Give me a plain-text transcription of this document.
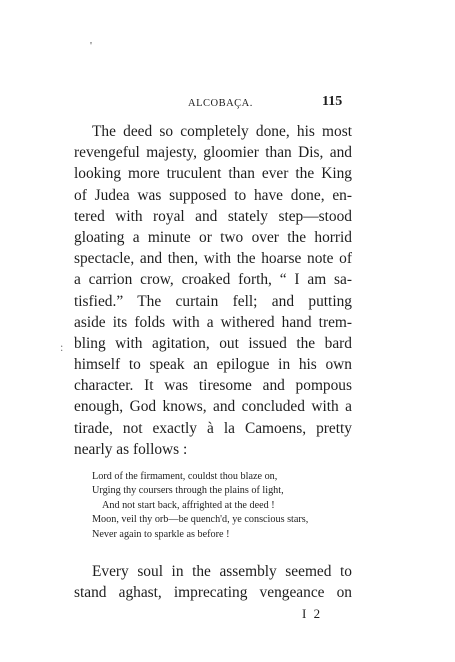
'
ALCOBAÇA.	115
:
The deed so completely done, his most
revengeful majesty, gloomier than Dis, and
looking more truculent than ever the King
of Judea was supposed to have done, en-
tered with royal and stately step—stood
gloating a minute or two over the horrid
spectacle, and then, with the hoarse note of
a carrion crow, croaked forth, “ I am sa-
tisfied.” The curtain fell; and putting
aside its folds with a withered hand trem-
bling with agitation, out issued the bard
himself to speak an epilogue in his own
character. It was tiresome and pompous
enough, God knows, and concluded with a
tirade, not exactly à la Camoens, pretty
nearly as follows :
Lord of the firmament, couldst thou blaze on,
Urging thy coursers through the plains of light,
And not start back, affrighted at the deed !
Moon, veil thy orb—be quench'd, ye conscious stars,
Never again to sparkle as before !
Every soul in the assembly seemed to
stand aghast, imprecating vengeance on
I 2
